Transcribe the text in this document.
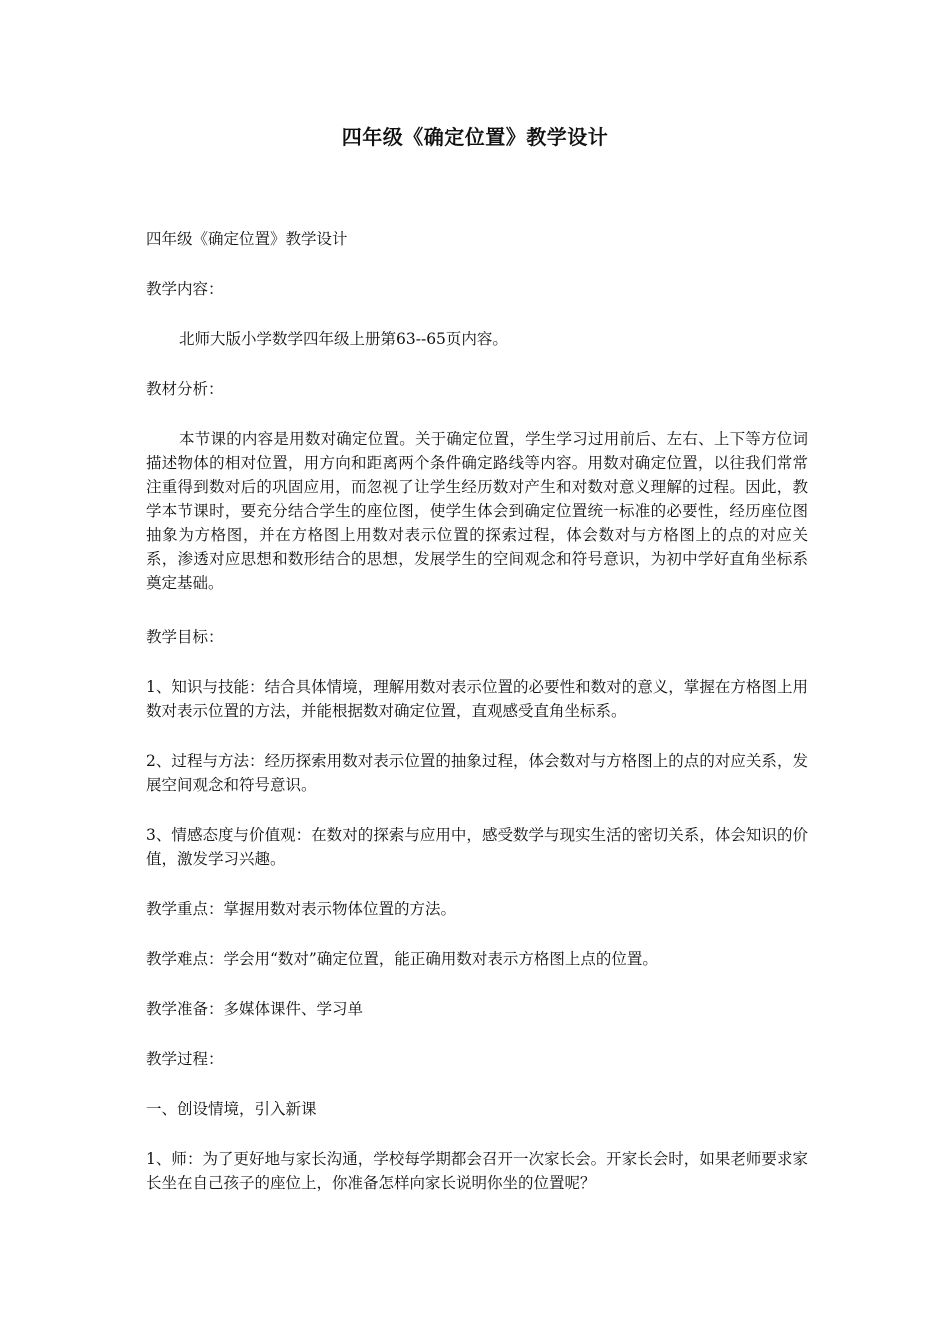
四年级《确定位置》教学设计

四年级《确定位置》教学设计

教学内容：

北师大版小学数学四年级上册第63--65页内容。

教材分析：

本节课的内容是用数对确定位置。关于确定位置，学生学习过用前后、左右、上下等方位词描述物体的相对位置，用方向和距离两个条件确定路线等内容。用数对确定位置，以往我们常常注重得到数对后的巩固应用，而忽视了让学生经历数对产生和对数对意义理解的过程。因此，教学本节课时，要充分结合学生的座位图，使学生体会到确定位置统一标准的必要性，经历座位图抽象为方格图，并在方格图上用数对表示位置的探索过程，体会数对与方格图上的点的对应关系，渗透对应思想和数形结合的思想，发展学生的空间观念和符号意识，为初中学好直角坐标系奠定基础。

教学目标：

1、知识与技能：结合具体情境，理解用数对表示位置的必要性和数对的意义，掌握在方格图上用数对表示位置的方法，并能根据数对确定位置，直观感受直角坐标系。

2、过程与方法：经历探索用数对表示位置的抽象过程，体会数对与方格图上的点的对应关系，发展空间观念和符号意识。

3、情感态度与价值观：在数对的探索与应用中，感受数学与现实生活的密切关系，体会知识的价值，激发学习兴趣。

教学重点：掌握用数对表示物体位置的方法。

教学难点：学会用“数对”确定位置，能正确用数对表示方格图上点的位置。

教学准备：多媒体课件、学习单

教学过程：

一、创设情境，引入新课

1、师：为了更好地与家长沟通，学校每学期都会召开一次家长会。开家长会时，如果老师要求家长坐在自己孩子的座位上，你准备怎样向家长说明你坐的位置呢？
